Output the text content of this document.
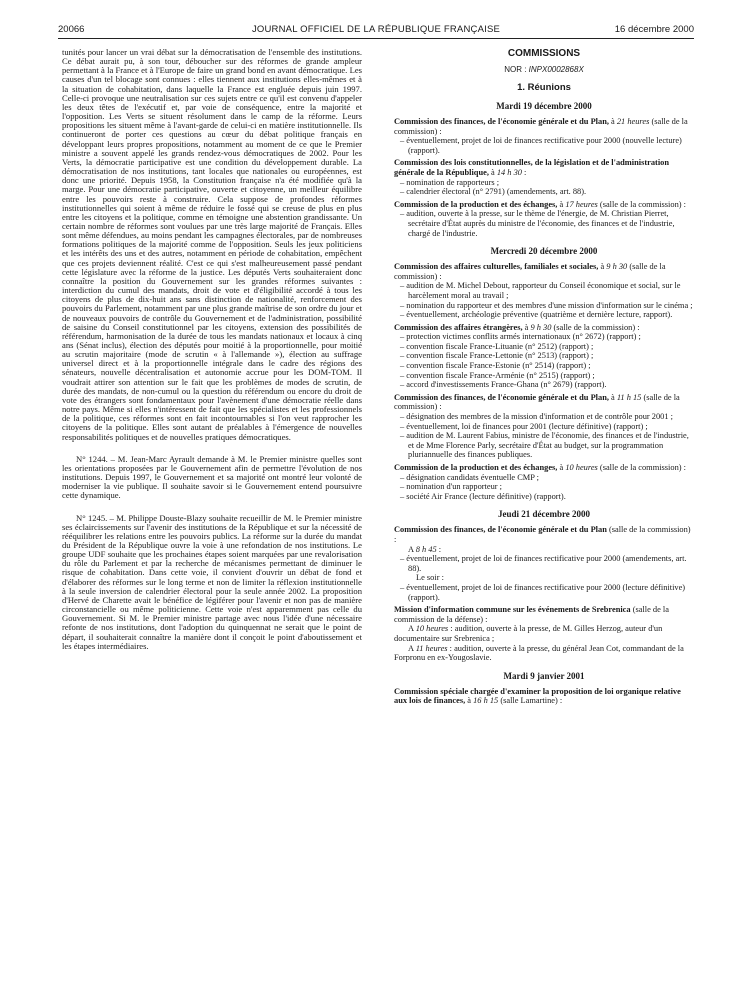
20066	JOURNAL OFFICIEL DE LA RÉPUBLIQUE FRANÇAISE	16 décembre 2000

tunités pour lancer un vrai débat sur la démocratisation de l'ensemble des institutions. Ce débat aurait pu, à son tour, déboucher sur des réformes de grande ampleur permettant à la France et à l'Europe de faire un grand bond en avant démocratique. Les causes d'un tel blocage sont connues : elles tiennent aux institutions elles-mêmes et à la situation de cohabitation, dans laquelle la France est engluée depuis juin 1997. Celle-ci provoque une neutralisation sur ces sujets entre ce qu'il est convenu d'appeler les deux têtes de l'exécutif et, par voie de conséquence, entre la majorité et l'opposition. Les Verts se situent résolument dans le camp de la réforme. Leurs propositions les situent même à l'avant-garde de celui-ci en matière institutionnelle. Ils continueront de porter ces questions au cœur du débat politique français en développant leurs propres propositions, notamment au moment de ce que le Premier ministre a souvent appelé les grands rendez-vous démocratiques de 2002. Pour les Verts, la démocratie participative est une condition du développement durable. La démocratisation de nos institutions, tant locales que nationales ou européennes, est donc une priorité. Depuis 1958, la Constitution française n'a été modifiée qu'à la marge. Pour une démocratie participative, ouverte et citoyenne, un meilleur équilibre entre les pouvoirs reste à construire. Cela suppose de profondes réformes institutionnelles qui soient à même de réduire le fossé qui se creuse de plus en plus entre les citoyens et la politique, comme en témoigne une abstention grandissante. Un certain nombre de réformes sont voulues par une très large majorité de Français. Elles sont même défendues, au moins pendant les campagnes électorales, par de nombreuses formations politiques de la majorité comme de l'opposition. Seuls les jeux politiciens et les intérêts des uns et des autres, notamment en période de cohabitation, empêchent que ces projets deviennent réalité. C'est ce qui s'est malheureusement passé pendant cette législature avec la réforme de la justice. Les députés Verts souhaiteraient donc connaître la position du Gouvernement sur les grandes réformes suivantes : interdiction du cumul des mandats, droit de vote et d'éligibilité accordé à tous les citoyens de plus de dix-huit ans sans distinction de nationalité, renforcement des pouvoirs du Parlement, notamment par une plus grande maîtrise de son ordre du jour et de nouveaux pouvoirs de contrôle du Gouvernement et de l'administration, possibilité de saisine du Conseil constitutionnel par les citoyens, extension des possibilités de référendum, harmonisation de la durée de tous les mandats nationaux et locaux à cinq ans (Sénat inclus), élection des députés pour moitié à la proportionnelle, pour moitié au scrutin majoritaire (mode de scrutin « à l'allemande »), élection au suffrage universel direct et à la proportionnelle intégrale dans le cadre des régions des sénateurs, nouvelle décentralisation et autonomie accrue pour les DOM-TOM. Il voudrait attirer son attention sur le fait que les problèmes de modes de scrutin, de durée des mandats, de non-cumul ou la question du référendum ou encore du droit de vote des étrangers sont fondamentaux pour l'avènement d'une démocratie réelle dans notre pays. Même si elles n'intéressent de fait que les spécialistes et les professionnels de la politique, ces réformes sont en fait incontournables si l'on veut rapprocher les citoyens de la politique. Elles sont autant de préalables à l'émergence de nouvelles responsabilités politiques et de nouvelles pratiques démocratiques.

N° 1244. – M. Jean-Marc Ayrault demande à M. le Premier ministre quelles sont les orientations proposées par le Gouvernement afin de permettre l'évolution de nos institutions. Depuis 1997, le Gouvernement et sa majorité ont montré leur volonté de moderniser la vie publique. Il souhaite savoir si le Gouvernement entend poursuivre cette dynamique.

N° 1245. – M. Philippe Douste-Blazy souhaite recueillir de M. le Premier ministre ses éclaircissements sur l'avenir des institutions de la République et sur la nécessité de rééquilibrer les relations entre les pouvoirs publics. La réforme sur la durée du mandat du Président de la République ouvre la voie à une refondation de nos institutions. Le groupe UDF souhaite que les prochaines étapes soient marquées par une revalorisation du rôle du Parlement et par la recherche de mécanismes permettant de diminuer le risque de cohabitation. Dans cette voie, il convient d'ouvrir un débat de fond et d'élaborer des réformes sur le long terme et non de limiter la réflexion institutionnelle à la seule inversion de calendrier électoral pour la seule année 2002. La proposition d'Hervé de Charette avait le bénéfice de légiférer pour l'avenir et non pas de manière circonstancielle ou même politicienne. Cette voie n'est apparemment pas celle du Gouvernement. Si M. le Premier ministre partage avec nous l'idée d'une nécessaire refonte de nos institutions, dont l'adoption du quinquennat ne serait que le point de départ, il souhaiterait connaître la manière dont il conçoit le point d'aboutissement et les étapes intermédiaires.

COMMISSIONS
NOR : INPX0002868X
1. Réunions
Mardi 19 décembre 2000

Commission des finances, de l'économie générale et du Plan, à 21 heures (salle de la commission) :

– éventuellement, projet de loi de finances rectificative pour 2000 (nouvelle lecture) (rapport).

Commission des lois constitutionnelles, de la législation et de l'administration générale de la République, à 14 h 30 :

– nomination de rapporteurs ;

– calendrier électoral (n° 2791) (amendements, art. 88).

Commission de la production et des échanges, à 17 heures (salle de la commission) :

– audition, ouverte à la presse, sur le thème de l'énergie, de M. Christian Pierret, secrétaire d'État auprès du ministre de l'économie, des finances et de l'industrie, chargé de l'industrie.

Mercredi 20 décembre 2000

Commission des affaires culturelles, familiales et sociales, à 9 h 30 (salle de la commission) :

– audition de M. Michel Debout, rapporteur du Conseil économique et social, sur le harcèlement moral au travail ;

– nomination du rapporteur et des membres d'une mission d'information sur le cinéma ;

– éventuellement, archéologie préventive (quatrième et dernière lecture, rapport).

Commission des affaires étrangères, à 9 h 30 (salle de la commission) :

– protection victimes conflits armés internationaux (n° 2672) (rapport) ;

– convention fiscale France-Lituanie (n° 2512) (rapport) ;

– convention fiscale France-Lettonie (n° 2513) (rapport) ;

– convention fiscale France-Estonie (n° 2514) (rapport) ;

– convention fiscale France-Arménie (n° 2515) (rapport) ;

– accord d'investissements France-Ghana (n° 2679) (rapport).

Commission des finances, de l'économie générale et du Plan, à 11 h 15 (salle de la commission) :

– désignation des membres de la mission d'information et de contrôle pour 2001 ;

– éventuellement, loi de finances pour 2001 (lecture définitive) (rapport) ;

– audition de M. Laurent Fabius, ministre de l'économie, des finances et de l'industrie, et de Mme Florence Parly, secrétaire d'État au budget, sur la programmation pluriannuelle des finances publiques.

Commission de la production et des échanges, à 10 heures (salle de la commission) :

– désignation candidats éventuelle CMP ;

– nomination d'un rapporteur ;

– société Air France (lecture définitive) (rapport).

Jeudi 21 décembre 2000

Commission des finances, de l'économie générale et du Plan (salle de la commission) :

A 8 h 45 :

– éventuellement, projet de loi de finances rectificative pour 2000 (amendements, art. 88).

Le soir :

– éventuellement, projet de loi de finances rectificative pour 2000 (lecture définitive) (rapport).

Mission d'information commune sur les événements de Srebrenica (salle de la commission de la défense) :

A 10 heures : audition, ouverte à la presse, de M. Gilles Herzog, auteur d'un documentaire sur Srebrenica ;

A 11 heures : audition, ouverte à la presse, du général Jean Cot, commandant de la Forpronu en ex-Yougoslavie.

Mardi 9 janvier 2001

Commission spéciale chargée d'examiner la proposition de loi organique relative aux lois de finances, à 16 h 15 (salle Lamartine) :
